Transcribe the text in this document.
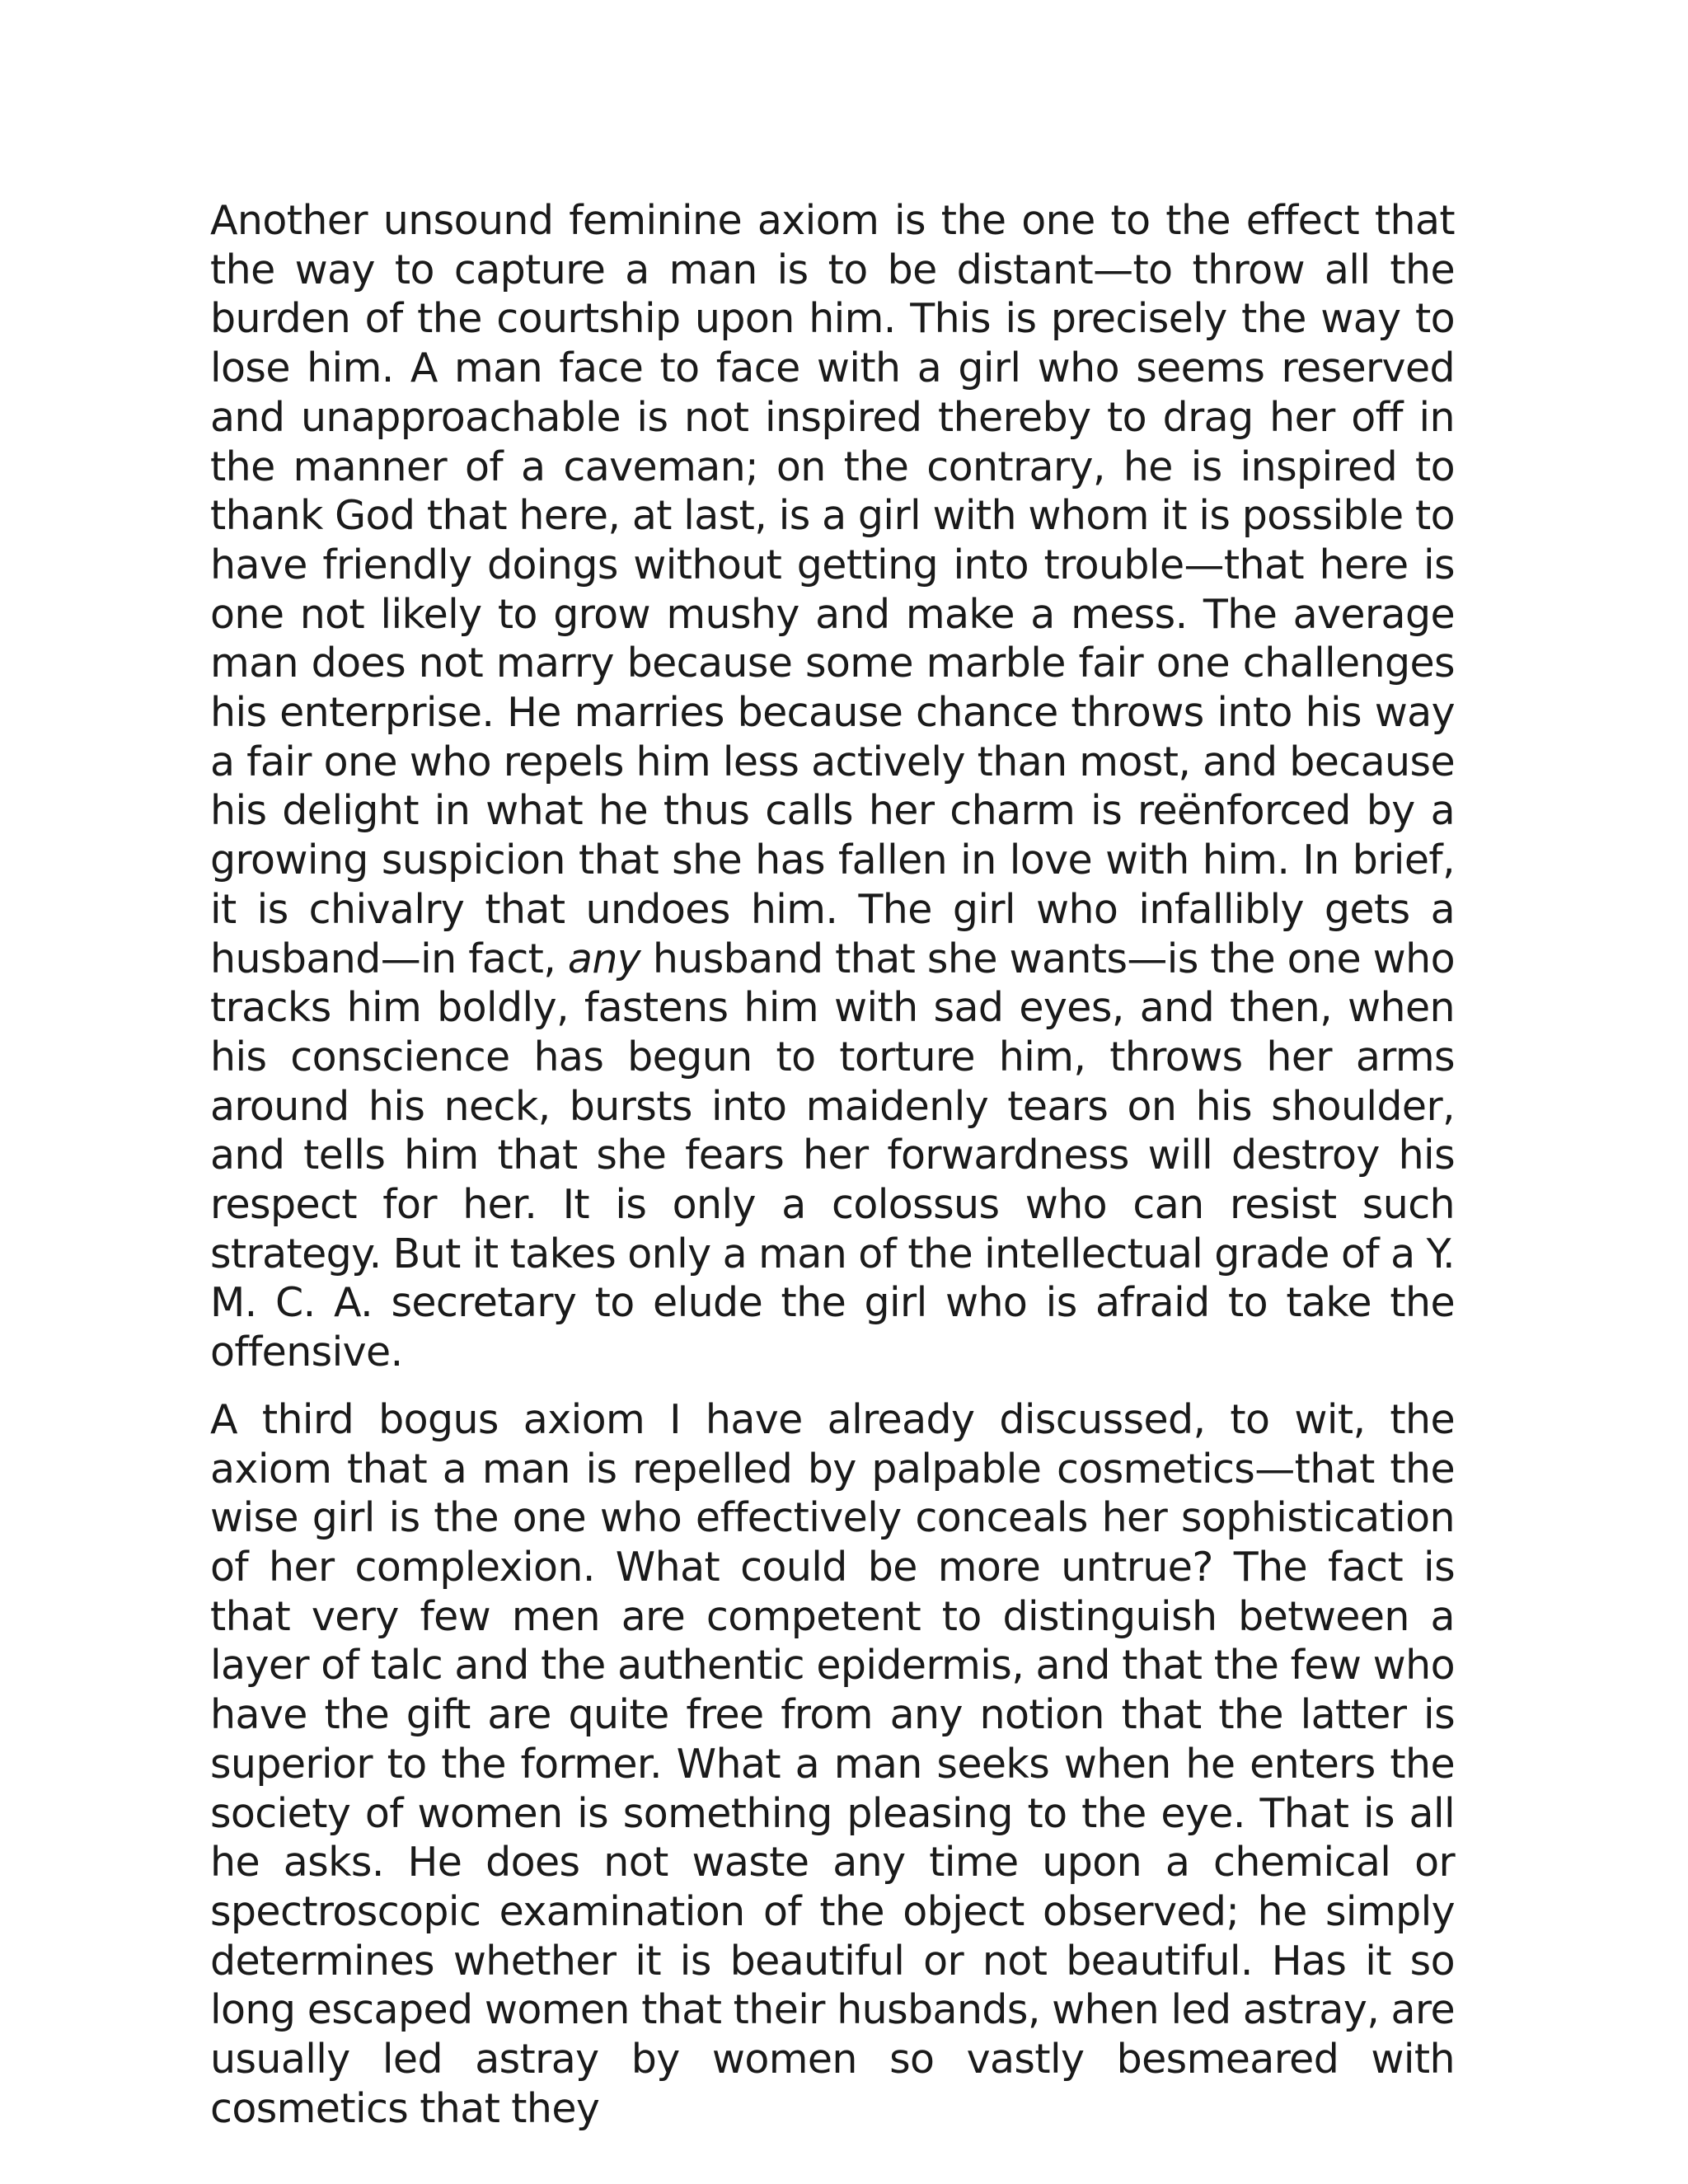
Another unsound feminine axiom is the one to the effect that the way to capture a man is to be distant—to throw all the burden of the courtship upon him. This is precisely the way to lose him. A man face to face with a girl who seems reserved and unapproachable is not inspired thereby to drag her off in the manner of a caveman; on the contrary, he is inspired to thank God that here, at last, is a girl with whom it is possible to have friendly doings without getting into trouble—that here is one not likely to grow mushy and make a mess. The average man does not marry because some marble fair one challenges his enterprise. He marries because chance throws into his way a fair one who repels him less actively than most, and because his delight in what he thus calls her charm is reënforced by a growing suspicion that she has fallen in love with him. In brief, it is chivalry that undoes him. The girl who infallibly gets a husband—in fact, any husband that she wants—is the one who tracks him boldly, fastens him with sad eyes, and then, when his conscience has begun to torture him, throws her arms around his neck, bursts into maidenly tears on his shoulder, and tells him that she fears her forwardness will destroy his respect for her. It is only a colossus who can resist such strategy. But it takes only a man of the intellectual grade of a Y. M. C. A. secretary to elude the girl who is afraid to take the offensive.

A third bogus axiom I have already discussed, to wit, the axiom that a man is repelled by palpable cosmetics—that the wise girl is the one who effectively conceals her sophistication of her complexion. What could be more untrue? The fact is that very few men are competent to distinguish between a layer of talc and the authentic epidermis, and that the few who have the gift are quite free from any notion that the latter is superior to the former. What a man seeks when he enters the society of women is something pleasing to the eye. That is all he asks. He does not waste any time upon a chemical or spectroscopic examination of the object observed; he simply determines whether it is beautiful or not beautiful. Has it so long escaped women that their husbands, when led astray, are usually led astray by women so vastly besmeared with cosmetics that they
